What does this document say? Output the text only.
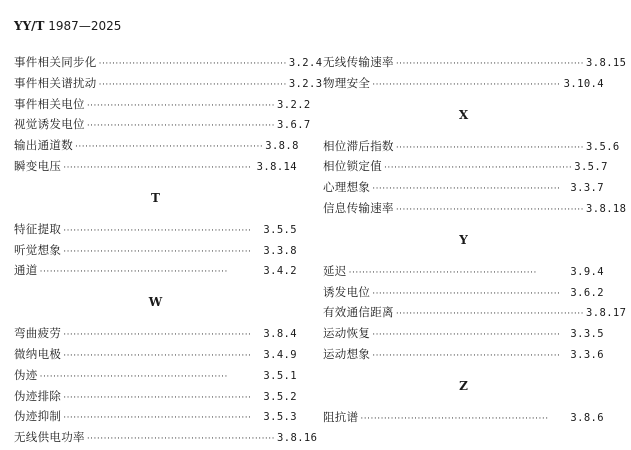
YY/T 1987—2025
事件相关同步化 ························································ 3.2.4
事件相关谱扰动 ························································ 3.2.3
事件相关电位 ························································ 3.2.2
视觉诱发电位 ························································ 3.6.7
输出通道数 ························································ 3.8.8
瞬变电压 ························································ 3.8.14
T
特征提取 ························································	3.5.5
听觉想象 ························································	3.3.8
通道 ························································	3.4.2
W
弯曲疲劳 ························································	3.8.4
微纳电极 ························································	3.4.9
伪迹 ························································	3.5.1
伪迹排除 ························································	3.5.2
伪迹抑制 ························································	3.5.3
无线供电功率 ························································ 3.8.16
无线传输速率 ························································ 3.8.15
物理安全 ························································ 3.10.4
X
相位滞后指数 ························································ 3.5.6
相位锁定值 ························································ 3.5.7
心理想象 ························································ 3.3.7
信息传输速率 ························································ 3.8.18
Y
延迟 ························································	3.9.4
诱发电位 ························································ 3.6.2
有效通信距离 ························································ 3.8.17
运动恢复 ························································ 3.3.5
运动想象 ························································ 3.3.6
Z
阻抗谱 ························································	3.8.6
